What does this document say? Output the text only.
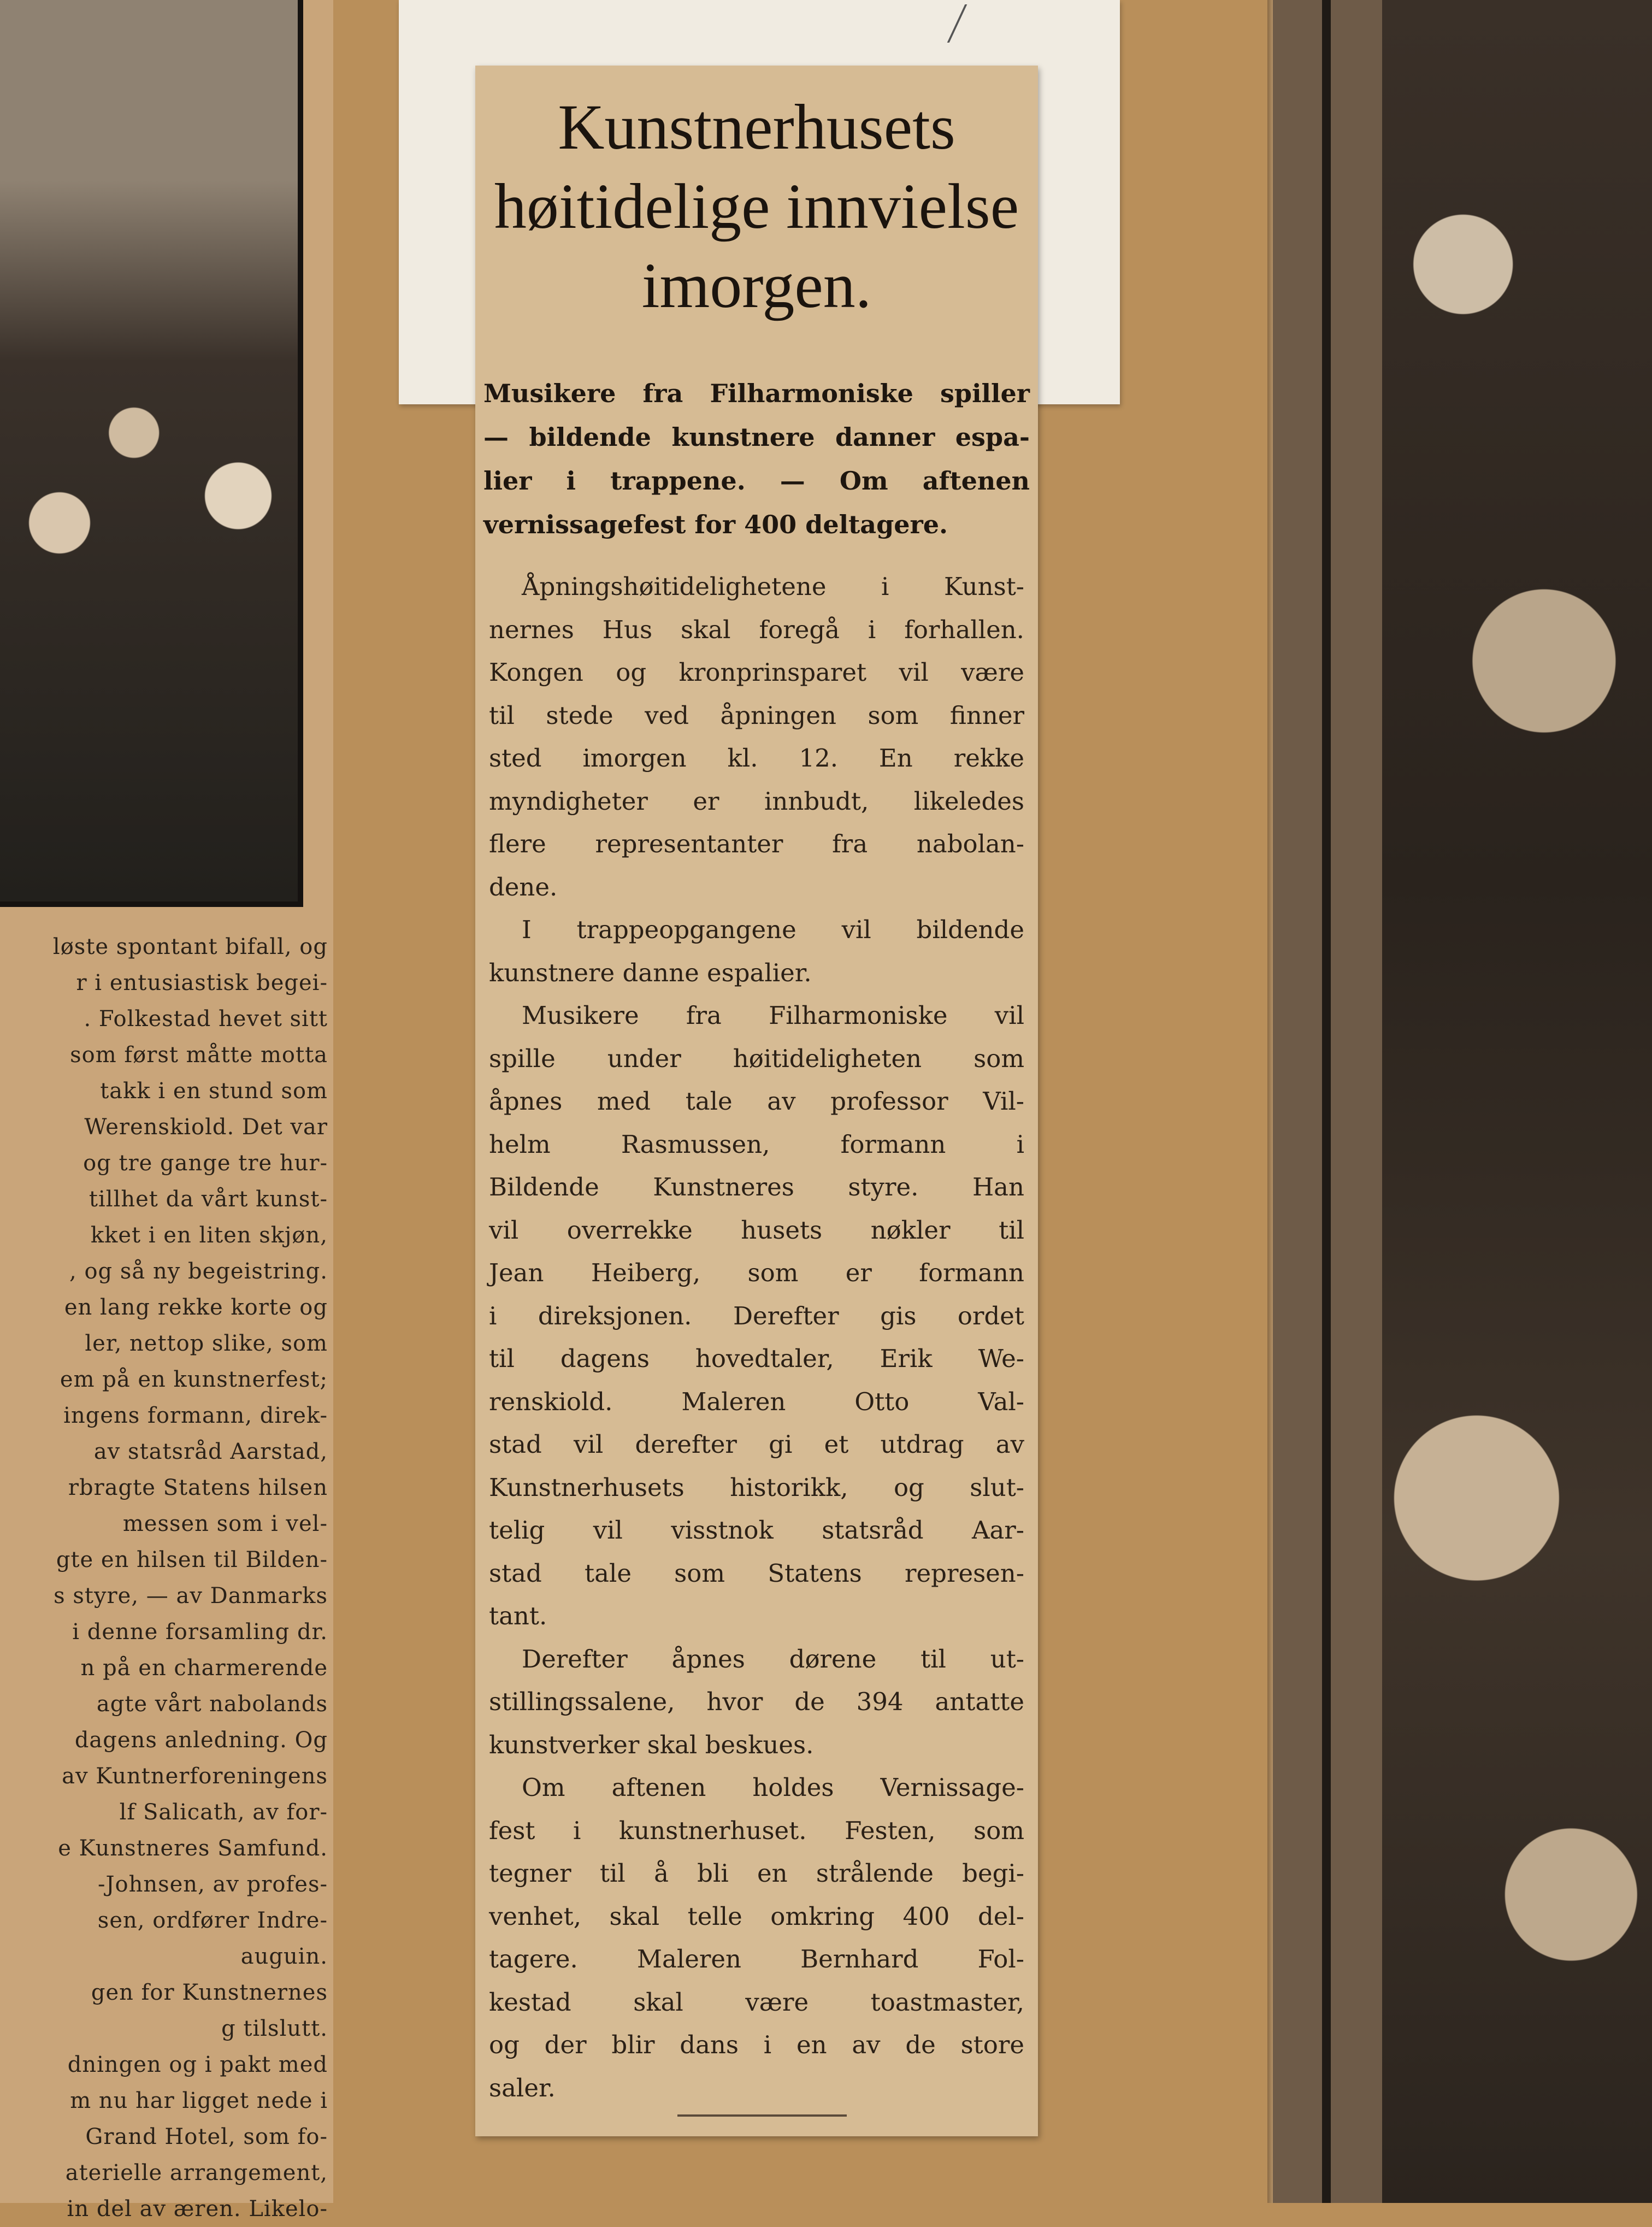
løste spontant bifall, og
r i entusiastisk begei-
. Folkestad hevet sitt
som først måtte motta
takk i en stund som
Werenskiold. Det var
og tre gange tre hur-
tillhet da vårt kunst-
kket i en liten skjøn,
, og så ny begeistring.
en lang rekke korte og
ler, nettop slike, som
em på en kunstnerfest;
ingens formann, direk-
av statsråd Aarstad,
rbragte Statens hilsen
messen som i vel-
gte en hilsen til Bilden-
s styre, — av Danmarks
i denne forsamling dr.
n på en charmerende
agte vårt nabolands
dagens anledning. Og
av Kuntnerforeningens
lf Salicath, av for-
e Kunstneres Samfund.
-Johnsen, av profes-
sen, ordfører Indre-
auguin.
gen for Kunstnernes
g tilslutt.
dningen og i pakt med
m nu har ligget nede i
Grand Hotel, som fo-
aterielle arrangement,
in del av æren. Likelo-
Kunstnerhusets
høitidelige innvielse
imorgen.
Musikere fra Filharmoniske spiller
— bildende kunstnere danner espa-
lier i trappene. — Om aftenen
vernissagefest for 400 deltagere.
Åpningshøitidelighetene i Kunst-
nernes Hus skal foregå i forhallen.
Kongen og kronprinsparet vil være
til stede ved åpningen som finner
sted imorgen kl. 12. En rekke
myndigheter er innbudt, likeledes
flere representanter fra nabolan-
dene.
I trappeopgangene vil bildende
kunstnere danne espalier.
Musikere fra Filharmoniske vil
spille under høitideligheten som
åpnes med tale av professor Vil-
helm Rasmussen, formann i
Bildende Kunstneres styre. Han
vil overrekke husets nøkler til
Jean Heiberg, som er formann
i direksjonen. Derefter gis ordet
til dagens hovedtaler, Erik We-
renskiold. Maleren Otto Val-
stad vil derefter gi et utdrag av
Kunstnerhusets historikk, og slut-
telig vil visstnok statsråd Aar-
stad tale som Statens represen-
tant.
Derefter åpnes dørene til ut-
stillingssalene, hvor de 394 antatte
kunstverker skal beskues.
Om aftenen holdes Vernissage-
fest i kunstnerhuset. Festen, som
tegner til å bli en strålende begi-
venhet, skal telle omkring 400 del-
tagere. Maleren Bernhard Fol-
kestad skal være toastmaster,
og der blir dans i en av de store
saler.
